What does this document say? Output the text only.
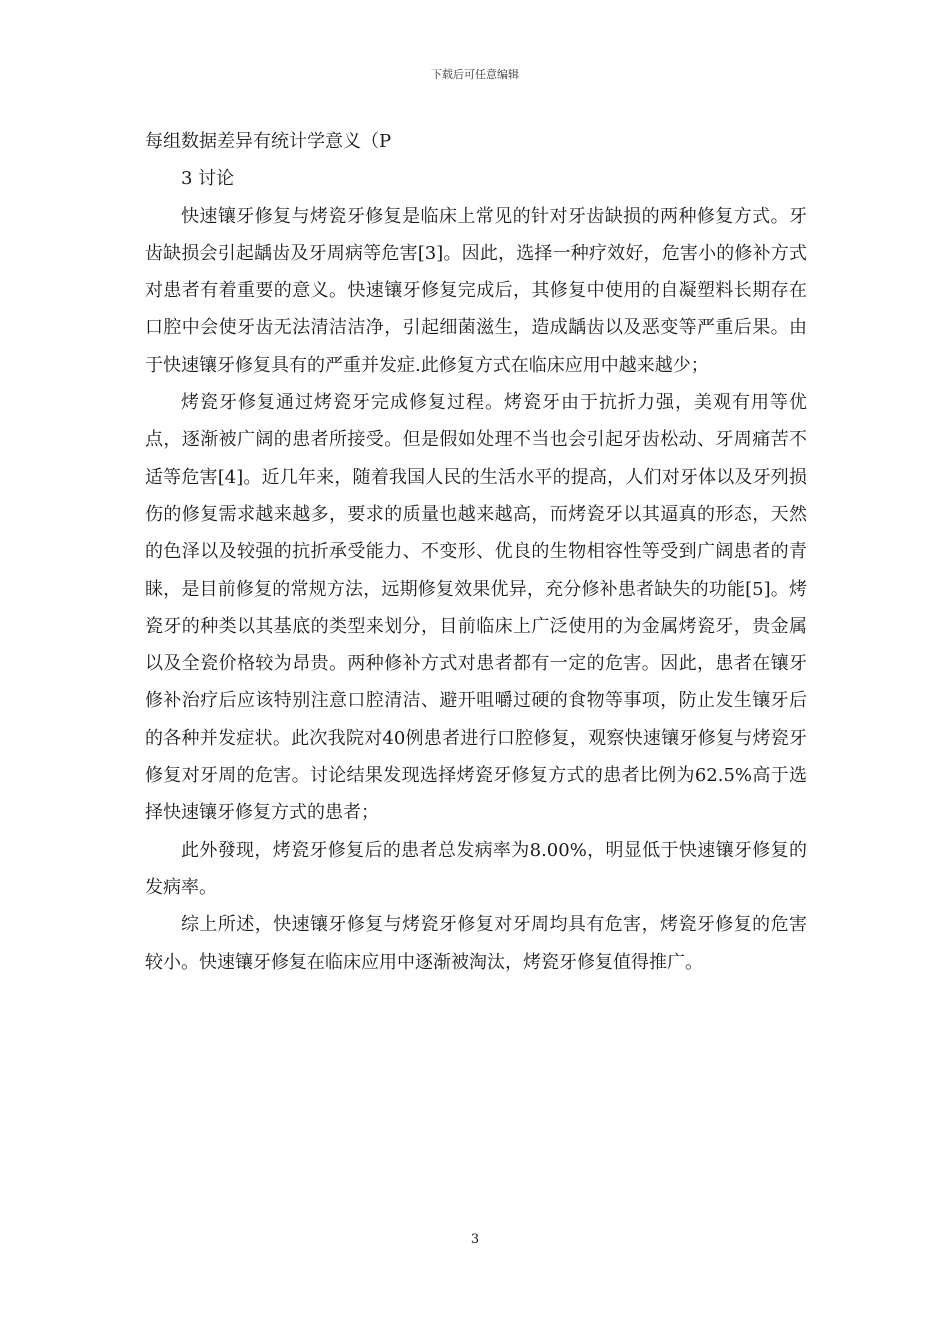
下载后可任意编辑

每组数据差异有统计学意义（P

3 讨论

快速镶牙修复与烤瓷牙修复是临床上常见的针对牙齿缺损的两种修复方式。牙齿缺损会引起龋齿及牙周病等危害[3]。因此，选择一种疗效好，危害小的修补方式对患者有着重要的意义。快速镶牙修复完成后，其修复中使用的自凝塑料长期存在口腔中会使牙齿无法清洁洁净，引起细菌滋生，造成龋齿以及恶变等严重后果。由于快速镶牙修复具有的严重并发症.此修复方式在临床应用中越来越少；

烤瓷牙修复通过烤瓷牙完成修复过程。烤瓷牙由于抗折力强，美观有用等优点，逐渐被广阔的患者所接受。但是假如处理不当也会引起牙齿松动、牙周痛苦不适等危害[4]。近几年来，随着我国人民的生活水平的提高，人们对牙体以及牙列损伤的修复需求越来越多，要求的质量也越来越高，而烤瓷牙以其逼真的形态，天然的色泽以及较强的抗折承受能力、不变形、优良的生物相容性等受到广阔患者的青睐，是目前修复的常规方法，远期修复效果优异，充分修补患者缺失的功能[5]。烤瓷牙的种类以其基底的类型来划分，目前临床上广泛使用的为金属烤瓷牙，贵金属以及全瓷价格较为昂贵。两种修补方式对患者都有一定的危害。因此，患者在镶牙修补治疗后应该特别注意口腔清洁、避开咀嚼过硬的食物等事项，防止发生镶牙后的各种并发症状。此次我院对40例患者进行口腔修复，观察快速镶牙修复与烤瓷牙修复对牙周的危害。讨论结果发现选择烤瓷牙修复方式的患者比例为62.5%高于选择快速镶牙修复方式的患者；

此外發现，烤瓷牙修复后的患者总发病率为8.00%，明显低于快速镶牙修复的发病率。

综上所述，快速镶牙修复与烤瓷牙修复对牙周均具有危害，烤瓷牙修复的危害较小。快速镶牙修复在临床应用中逐渐被淘汰，烤瓷牙修复值得推广。

3
